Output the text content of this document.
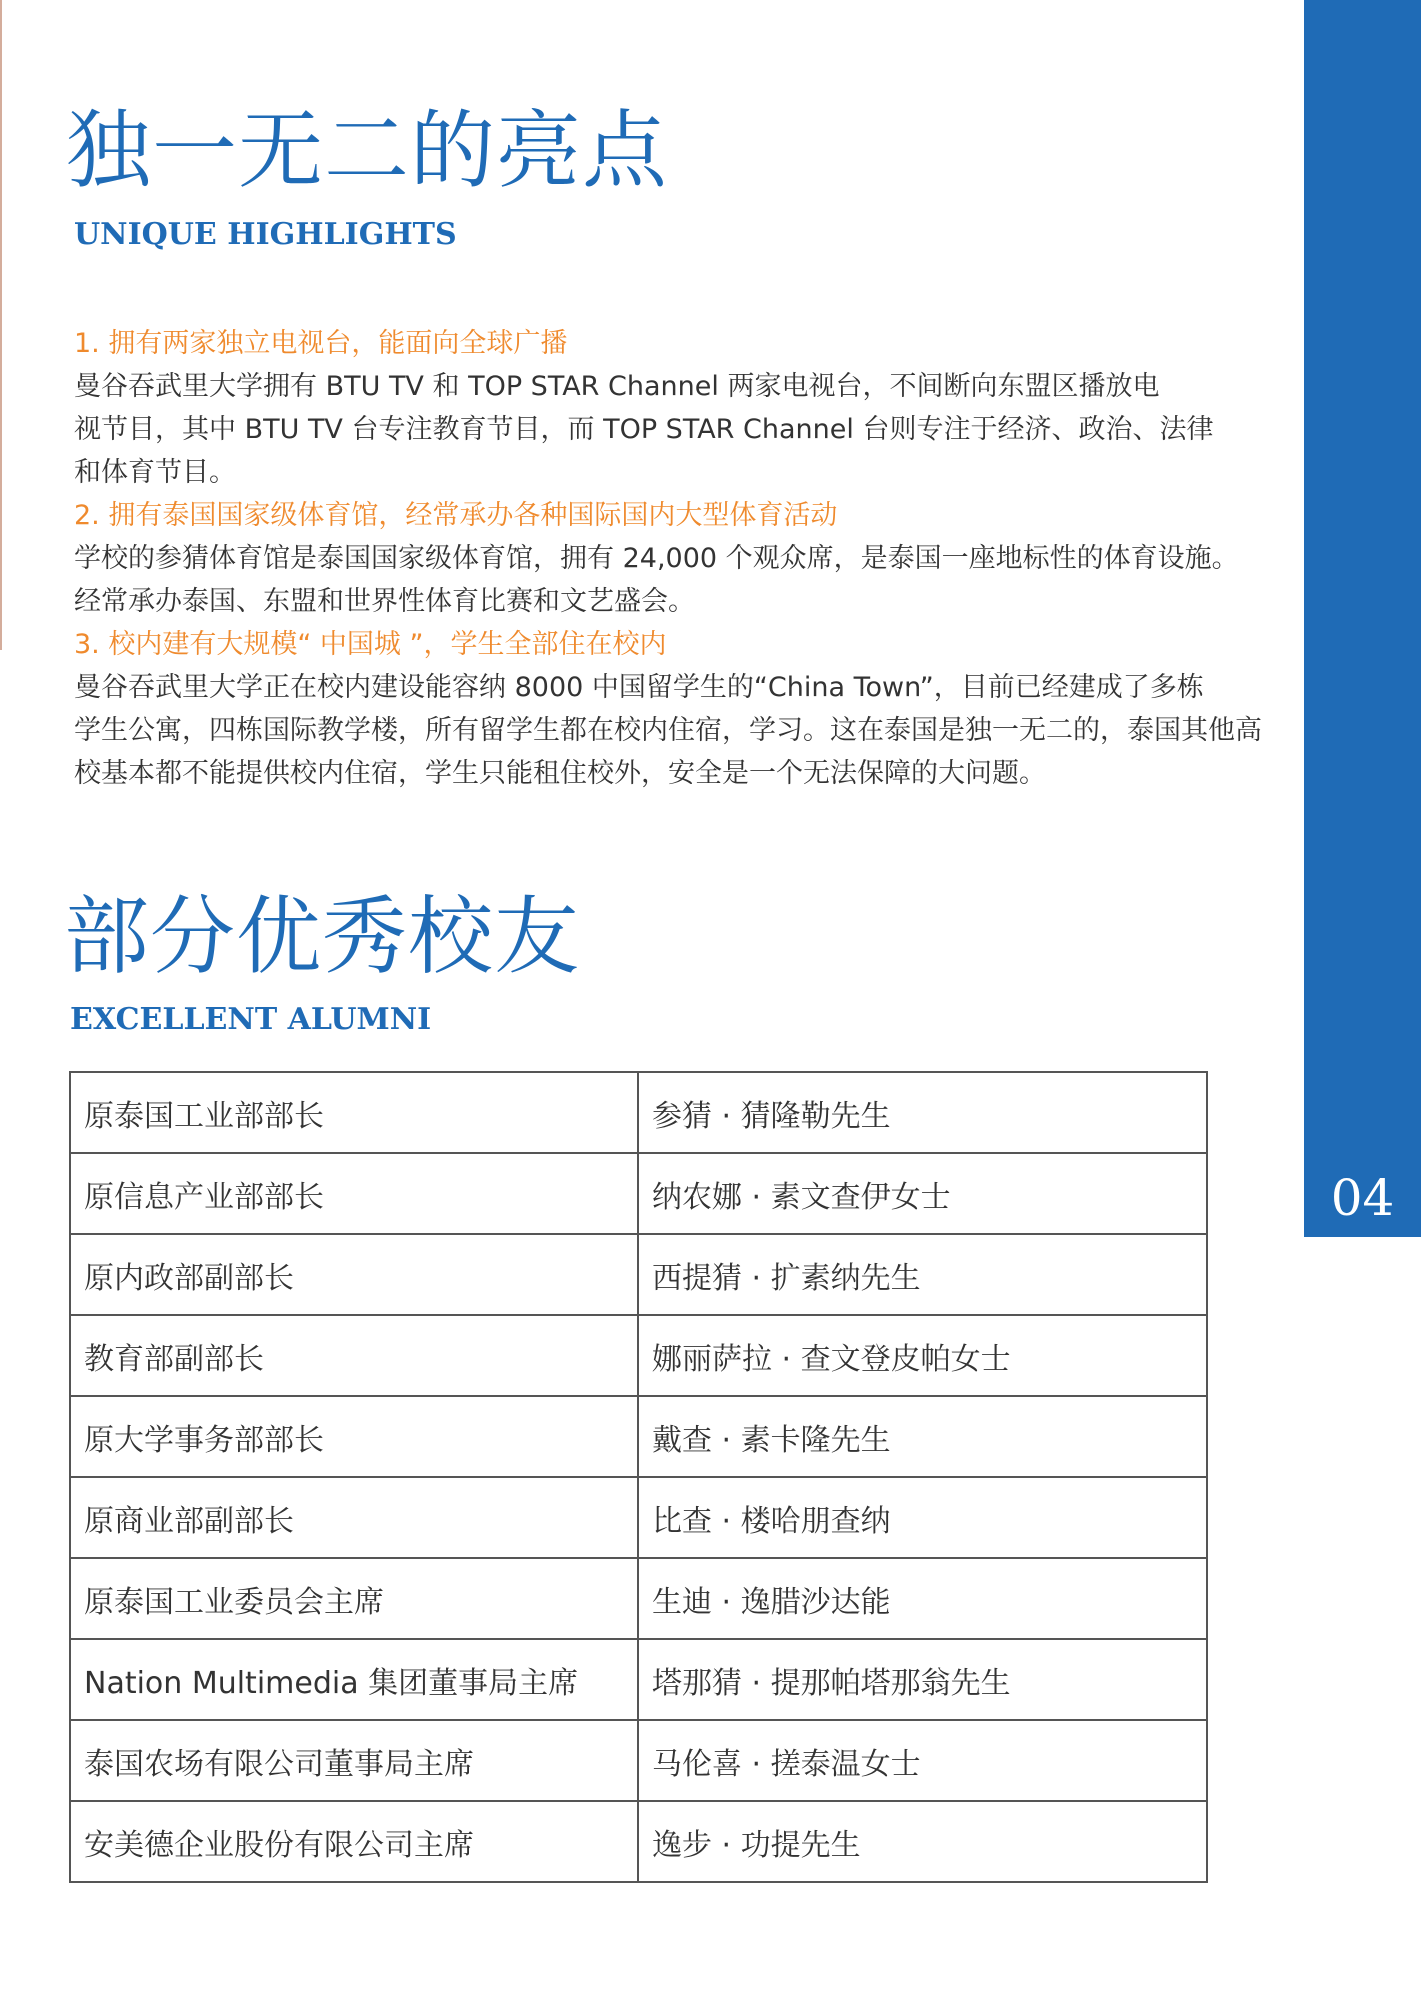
04
独一无二的亮点
UNIQUE HIGHLIGHTS

1. 拥有两家独立电视台，能面向全球广播

曼谷吞武里大学拥有 BTU TV 和 TOP STAR Channel 两家电视台，不间断向东盟区播放电

视节目，其中 BTU TV 台专注教育节目，而 TOP STAR Channel 台则专注于经济、政治、法律

和体育节目。

2. 拥有泰国国家级体育馆，经常承办各种国际国内大型体育活动

学校的参猜体育馆是泰国国家级体育馆，拥有 24,000 个观众席，是泰国一座地标性的体育设施。

经常承办泰国、东盟和世界性体育比赛和文艺盛会。

3. 校内建有大规模“ 中国城 ”，学生全部住在校内

曼谷吞武里大学正在校内建设能容纳 8000 中国留学生的“China Town”，目前已经建成了多栋

学生公寓，四栋国际教学楼，所有留学生都在校内住宿，学习。这在泰国是独一无二的，泰国其他高

校基本都不能提供校内住宿，学生只能租住校外，安全是一个无法保障的大问题。

部分优秀校友
EXCELLENT ALUMNI
原泰国工业部部长	参猜 · 猜隆勒先生
原信息产业部部长	纳农娜 · 素文查伊女士
原内政部副部长	西提猜 · 扩素纳先生
教育部副部长	娜丽萨拉 · 查文登皮帕女士
原大学事务部部长	戴查 · 素卡隆先生
原商业部副部长	比查 · 楼哈朋查纳
原泰国工业委员会主席	生迪 · 逸腊沙达能
Nation Multimedia 集团董事局主席	塔那猜 · 提那帕塔那翁先生
泰国农场有限公司董事局主席	马伦喜 · 搓泰温女士
安美德企业股份有限公司主席	逸步 · 功提先生
